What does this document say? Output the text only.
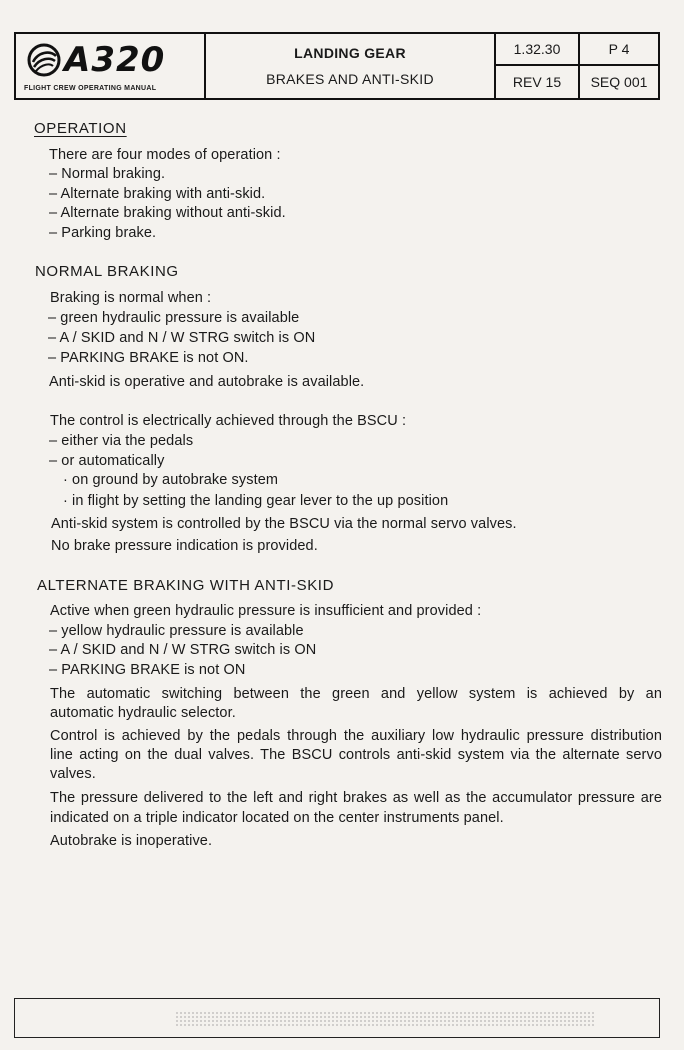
A320
FLIGHT CREW OPERATING MANUAL
LANDING GEAR
BRAKES AND ANTI-SKID
1.32.30	P 4
REV 15	SEQ 001
OPERATION
There are four modes of operation :
– Normal braking.
– Alternate braking with anti-skid.
– Alternate braking without anti-skid.
– Parking brake.
NORMAL BRAKING
Braking is normal when :
– green hydraulic pressure is available
– A / SKID and N / W STRG switch is ON
– PARKING BRAKE is not ON.
Anti-skid is operative and autobrake is available.
The control is electrically achieved through the BSCU :
– either via the pedals
– or automatically
· on ground by autobrake system
· in flight by setting the landing gear lever to the up position
Anti-skid system is controlled by the BSCU via the normal servo valves.
No brake pressure indication is provided.
ALTERNATE BRAKING WITH ANTI-SKID
Active when green hydraulic pressure is insufficient and provided :
– yellow hydraulic pressure is available
– A / SKID and N / W STRG switch is ON
– PARKING BRAKE is not ON
The automatic switching between the green and yellow system is achieved by an
automatic hydraulic selector.
Control is achieved by the pedals through the auxiliary low hydraulic pressure distribution
line acting on the dual valves. The BSCU controls anti-skid system via the alternate servo
valves.
The pressure delivered to the left and right brakes as well as the accumulator pressure are
indicated on a triple indicator located on the center instruments panel.
Autobrake is inoperative.
